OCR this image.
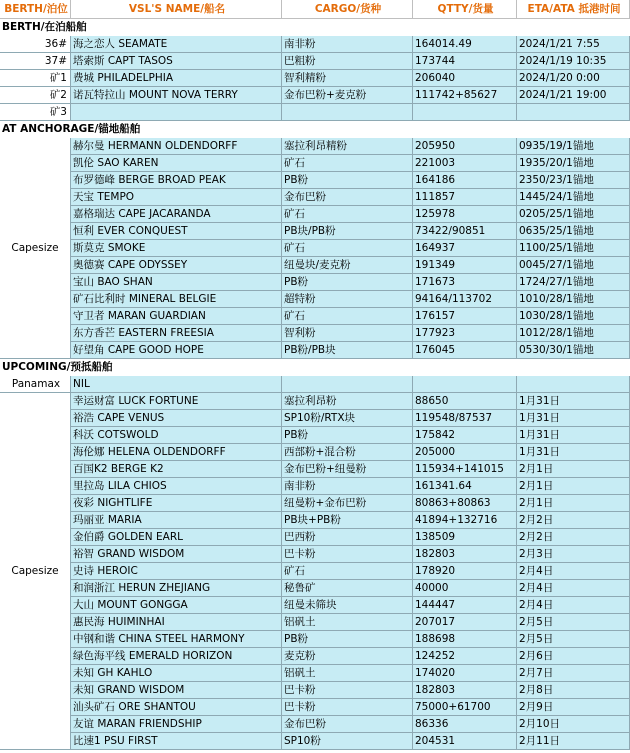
BERTH/泊位	VSL'S NAME/船名	CARGO/货种	QTTY/货量	ETA/ATA 抵港时间
BERTH/在泊船舶
36# 海之恋人 SEAMATE	南非粉	164014.49	2024/1/21 7:55
37# 塔索斯 CAPT TASOS	巴粗粉	173744	2024/1/19 10:35
矿1 费城 PHILADELPHIA	智利精粉	206040	2024/1/20 0:00
矿2 诺瓦特拉山 MOUNT NOVA TERRY	金布巴粉+麦克粉	111742+85627	2024/1/21 19:00
矿3
AT ANCHORAGE/锚地船舶
Capesize
赫尔曼 HERMANN OLDENDORFF	塞拉利昂精粉	205950	0935/19/1锚地
凯伦 SAO KAREN	矿石	221003	1935/20/1锚地
布罗德峰 BERGE BROAD PEAK	PB粉	164186	2350/23/1锚地
天宝 TEMPO	金布巴粉	111857	1445/24/1锚地
嘉格瑞达 CAPE JACARANDA	矿石	125978	0205/25/1锚地
恒利 EVER CONQUEST	PB块/PB粉	73422/90851	0635/25/1锚地
斯莫克 SMOKE	矿石	164937	1100/25/1锚地
奥德赛 CAPE ODYSSEY	纽曼块/麦克粉	191349	0045/27/1锚地
宝山 BAO SHAN	PB粉	171673	1724/27/1锚地
矿石比利时 MINERAL BELGIE	超特粉	94164/113702	1010/28/1锚地
守卫者 MARAN GUARDIAN	矿石	176157	1030/28/1锚地
东方香芒 EASTERN FREESIA	智利粉	177923	1012/28/1锚地
好望角 CAPE GOOD HOPE	PB粉/PB块	176045	0530/30/1锚地
UPCOMING/预抵船舶
Panamax	NIL
Capesize
幸运财富 LUCK FORTUNE	塞拉利昂粉	88650	1月31日
裕浩 CAPE VENUS	SP10粉/RTX块	119548/87537	1月31日
科沃 COTSWOLD	PB粉	175842	1月31日
海伦娜 HELENA OLDENDORFF	西部粉+混合粉	205000	1月31日
百国K2 BERGE K2	金布巴粉+纽曼粉	115934+141015	2月1日
里拉岛 LILA CHIOS	南非粉	161341.64	2月1日
夜彩 NIGHTLIFE	纽曼粉+金布巴粉	80863+80863	2月1日
玛丽亚 MARIA	PB块+PB粉	41894+132716	2月2日
金伯爵 GOLDEN EARL	巴西粉	138509	2月2日
裕智 GRAND WISDOM	巴卡粉	182803	2月3日
史诗 HEROIC	矿石	178920	2月4日
和润浙江 HERUN ZHEJIANG	秘鲁矿	40000	2月4日
大山 MOUNT GONGGA	纽曼未筛块	144447	2月4日
惠民海 HUIMINHAI	铝矾土	207017	2月5日
中钢和谐 CHINA STEEL HARMONY	PB粉	188698	2月5日
绿色海平线 EMERALD HORIZON	麦克粉	124252	2月6日
未知 GH KAHLO	铝矾土	174020	2月7日
未知 GRAND WISDOM	巴卡粉	182803	2月8日
汕头矿石 ORE SHANTOU	巴卡粉	75000+61700	2月9日
友谊 MARAN FRIENDSHIP	金布巴粉	86336	2月10日
比速1 PSU FIRST	SP10粉	204531	2月11日
